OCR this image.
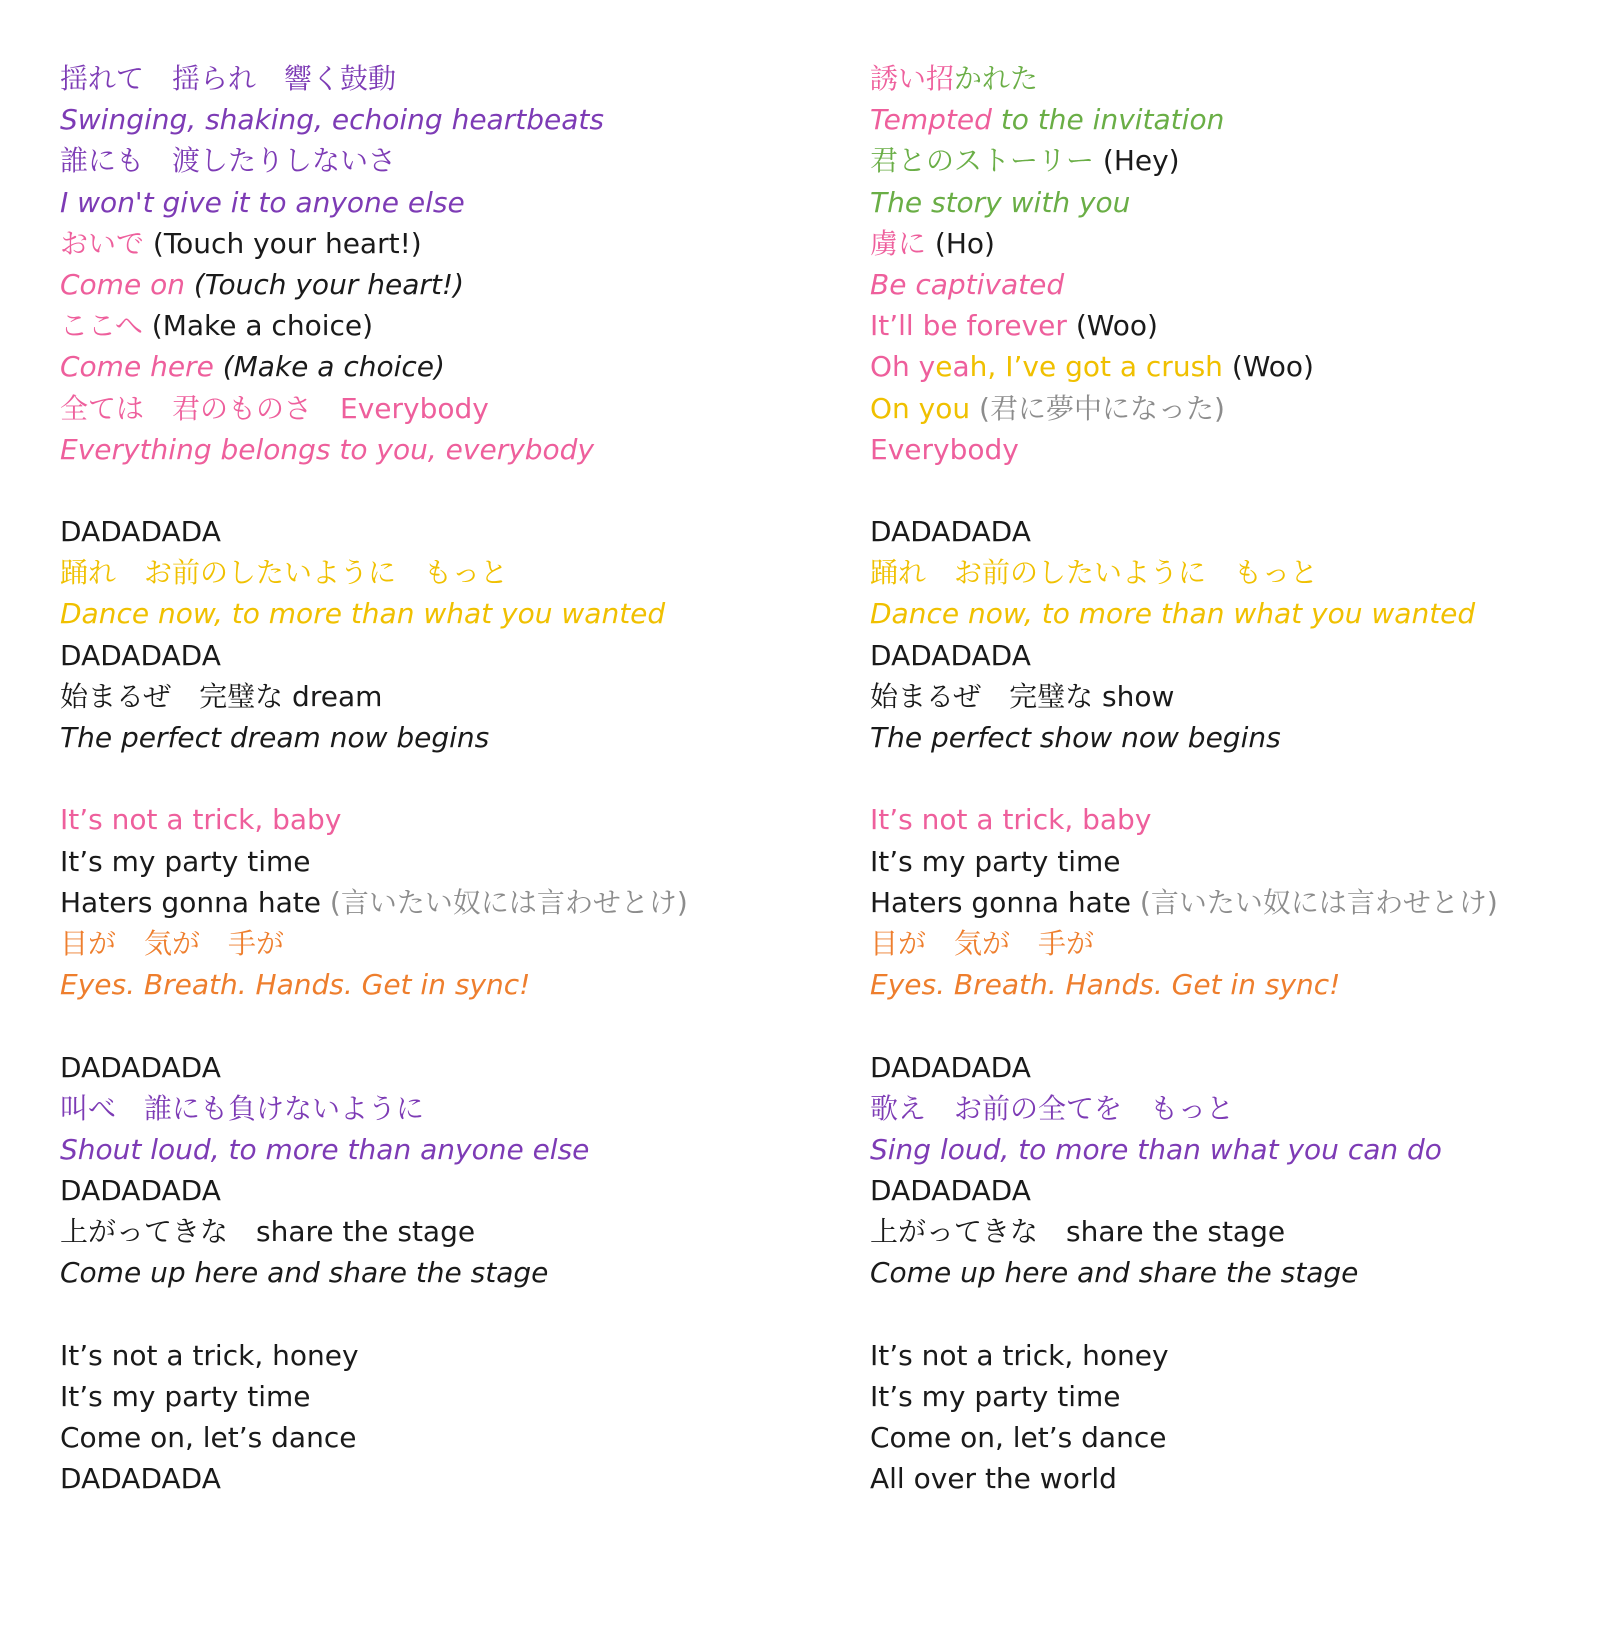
揺れて　揺られ　響く鼓動
Swinging, shaking, echoing heartbeats
誰にも　渡したりしないさ
I won't give it to anyone else
おいで (Touch your heart!)
Come on (Touch your heart!)
ここへ (Make a choice)
Come here (Make a choice)
全ては　君のものさ　Everybody
Everything belongs to you, everybody
DADADADA
踊れ　お前のしたいように　もっと
Dance now, to more than what you wanted
DADADADA
始まるぜ　完璧な dream
The perfect dream now begins
It’s not a trick, baby
It’s my party time
Haters gonna hate (言いたい奴には言わせとけ)
目が　気が　手が
Eyes. Breath. Hands. Get in sync!
DADADADA
叫べ　誰にも負けないように
Shout loud, to more than anyone else
DADADADA
上がってきな　share the stage
Come up here and share the stage
It’s not a trick, honey
It’s my party time
Come on, let’s dance
DADADADA
誘い招かれた
Tempted to the invitation
君とのストーリー (Hey)
The story with you
虜に (Ho)
Be captivated
It’ll be forever (Woo)
Oh yeah, I’ve got a crush (Woo)
On you (君に夢中になった)
Everybody
DADADADA
踊れ　お前のしたいように　もっと
Dance now, to more than what you wanted
DADADADA
始まるぜ　完璧な show
The perfect show now begins
It’s not a trick, baby
It’s my party time
Haters gonna hate (言いたい奴には言わせとけ)
目が　気が　手が
Eyes. Breath. Hands. Get in sync!
DADADADA
歌え　お前の全てを　もっと
Sing loud, to more than what you can do
DADADADA
上がってきな　share the stage
Come up here and share the stage
It’s not a trick, honey
It’s my party time
Come on, let’s dance
All over the world
